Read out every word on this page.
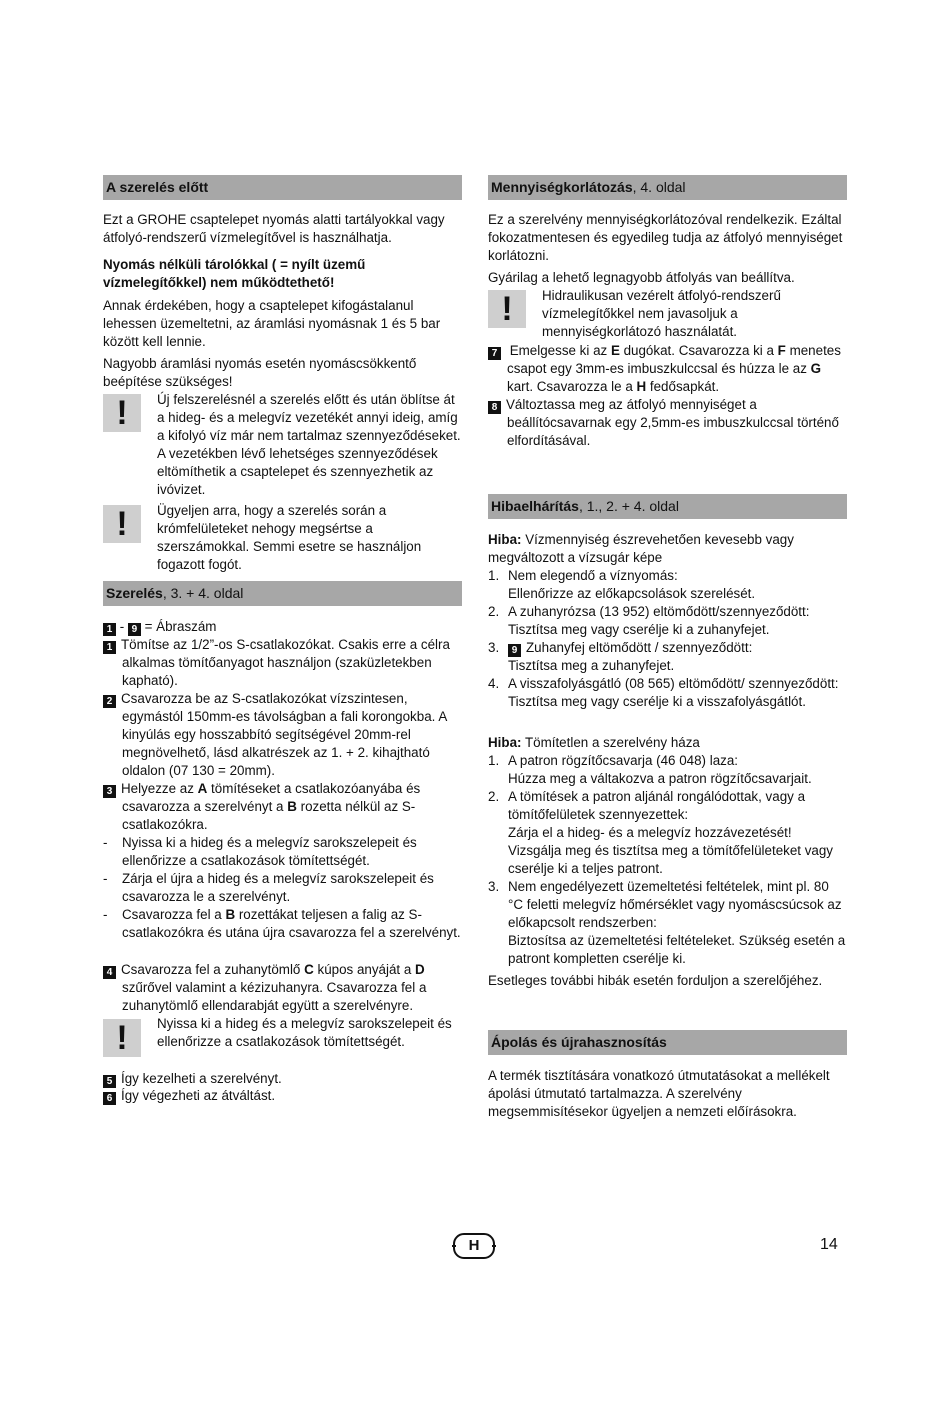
A szerelés előtt

Ezt a GROHE csaptelepet nyomás alatti tartályokkal vagy átfolyó-rendszerű vízmelegítővel is használhatja.

Nyomás nélküli tárolókkal ( = nyílt üzemű vízmelegítőkkel) nem működtethető!

Annak érdekében, hogy a csaptelepet kifogástalanul lehessen üzemeltetni, az áramlási nyomásnak 1 és 5 bar között kell lennie.

Nagyobb áramlási nyomás esetén nyomáscsökkentő beépítése szükséges!

!	Új felszerelésnél a szerelés előtt és után öblítse át a hideg- és a melegvíz vezetékét annyi ideig, amíg a kifolyó víz már nem tartalmaz szennyeződéseket. A vezetékben lévő lehetséges szennyeződések eltömíthetik a csaptelepet és szennyezhetik az ivóvizet.

!	Ügyeljen arra, hogy a szerelés során a krómfelületeket nehogy megsértse a szerszámokkal. Semmi esetre se használjon fogazott fogót.

Szerelés, 3. + 4. oldal

1 - 9 = Ábraszám

1 Tömítse az 1/2”-os S-csatlakozókat. Csakis erre a célra alkalmas tömítőanyagot használjon (szaküzletekben kapható).

2 Csavarozza be az S-csatlakozókat vízszintesen, egymástól 150mm-es távolságban a fali korongokba. A kinyúlás egy hosszabbító segítségével 20mm-rel megnövelhető, lásd alkatrészek az 1. + 2. kihajtható oldalon (07 130 = 20mm).

3 Helyezze az A tömítéseket a csatlakozóanyába és csavarozza a szerelvényt a B rozetta nélkül az S-csatlakozókra.

- Nyissa ki a hideg és a melegvíz sarokszelepeit és ellenőrizze a csatlakozások tömítettségét.

- Zárja el újra a hideg és a melegvíz sarokszelepeit és csavarozza le a szerelvényt.

- Csavarozza fel a B rozettákat teljesen a falig az S-csatlakozókra és utána újra csavarozza fel a szerelvényt.

4 Csavarozza fel a zuhanytömlő C kúpos anyáját a D szűrővel valamint a kézizuhanyra. Csavarozza fel a zuhanytömlő ellendarabját együtt a szerelvényre.

!	Nyissa ki a hideg és a melegvíz sarokszelepeit és ellenőrizze a csatlakozások tömítettségét.

5 Így kezelheti a szerelvényt.

6 Így végezheti az átváltást.

Mennyiségkorlátozás, 4. oldal

Ez a szerelvény mennyiségkorlátozóval rendelkezik. Ezáltal fokozatmentesen és egyedileg tudja az átfolyó mennyiséget korlátozni.

Gyárilag a lehető legnagyobb átfolyás van beállítva.

!	Hidraulikusan vezérelt átfolyó-rendszerű vízmelegítőkkel nem javasoljuk a mennyiségkorlátozó használatát.

7 Emelgesse ki az E dugókat. Csavarozza ki a F menetes csapot egy 3mm-es imbuszkulccsal és húzza le az G kart. Csavarozza le a H fedősapkát.

8 Változtassa meg az átfolyó mennyiséget a beállítócsavarnak egy 2,5mm-es imbuszkulccsal történő elfordításával.

Hibaelhárítás, 1., 2. + 4. oldal

Hiba: Vízmennyiség észrevehetően kevesebb vagy megváltozott a vízsugár képe

1. Nem elegendő a víznyomás:

Ellenőrizze az előkapcsolások szerelését.

2. A zuhanyrózsa (13 952) eltömődött/szennyeződött:

Tisztítsa meg vagy cserélje ki a zuhanyfejet.

3. 9 Zuhanyfej eltömődött / szennyeződött:

Tisztítsa meg a zuhanyfejet.

4. A visszafolyásgátló (08 565) eltömődött/ szennyeződött:

Tisztítsa meg vagy cserélje ki a visszafolyásgátlót.

Hiba: Tömítetlen a szerelvény háza

1. A patron rögzítőcsavarja (46 048) laza:

Húzza meg a váltakozva a patron rögzítőcsavarjait.

2. A tömítések a patron aljánál rongálódottak, vagy a tömítőfelületek szennyezettek:

Zárja el a hideg- és a melegvíz hozzávezetését! Vizsgálja meg és tisztítsa meg a tömítőfelületeket vagy cserélje ki a teljes patront.

3. Nem engedélyezett üzemeltetési feltételek, mint pl. 80 °C feletti melegvíz hőmérséklet vagy nyomáscsúcsok az előkapcsolt rendszerben:

Biztosítsa az üzemeltetési feltételeket. Szükség esetén a patront kompletten cserélje ki.

Esetleges további hibák esetén forduljon a szerelőjéhez.

Ápolás és újrahasznosítás

A termék tisztítására vonatkozó útmutatásokat a mellékelt ápolási útmutató tartalmazza. A szerelvény megsemmisítésekor ügyeljen a nemzeti előírásokra.

H	14
